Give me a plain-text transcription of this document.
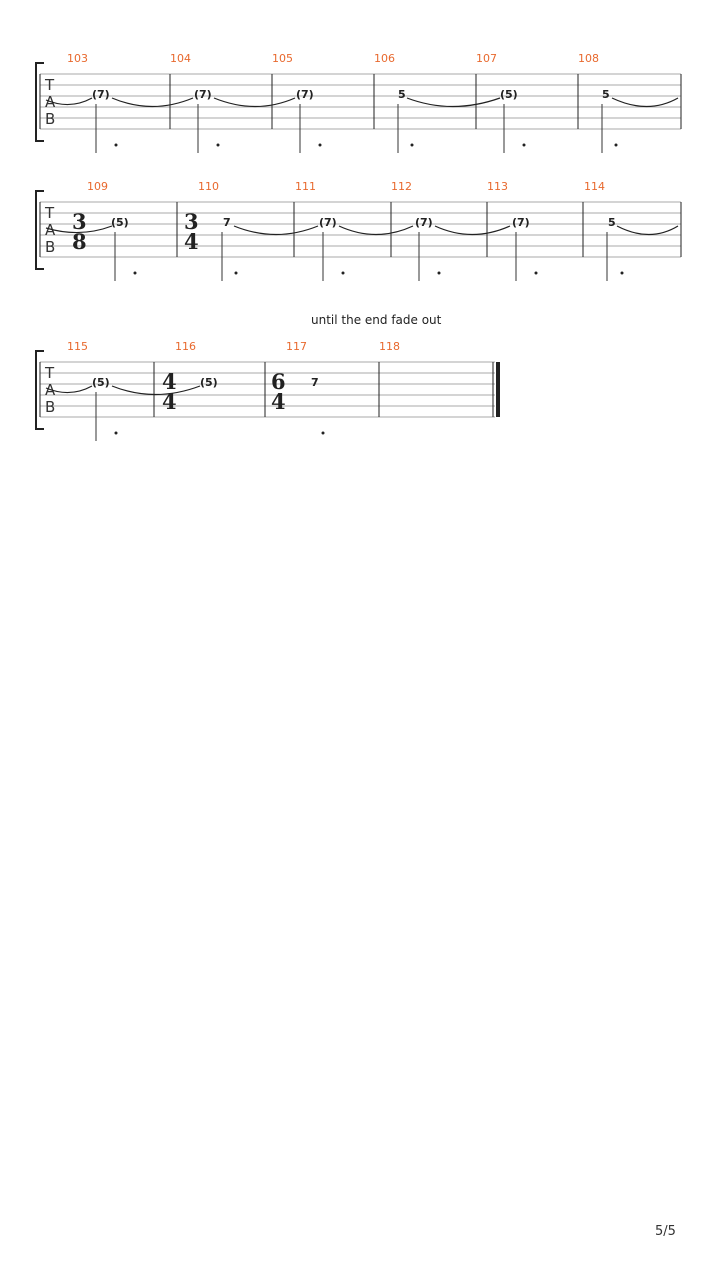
T
A
B
103	104	105	106	107	108
(7)	(7)	(7)	5	(5)	5
T
A
B
109	110	111	112	113	114
3
8
3
4
(5)	7	(7)	(7)	(7)	5
until the end fade out
T
A
B
115	116	117	118
4
4
6
4
(5)	(5)	7
5/5
